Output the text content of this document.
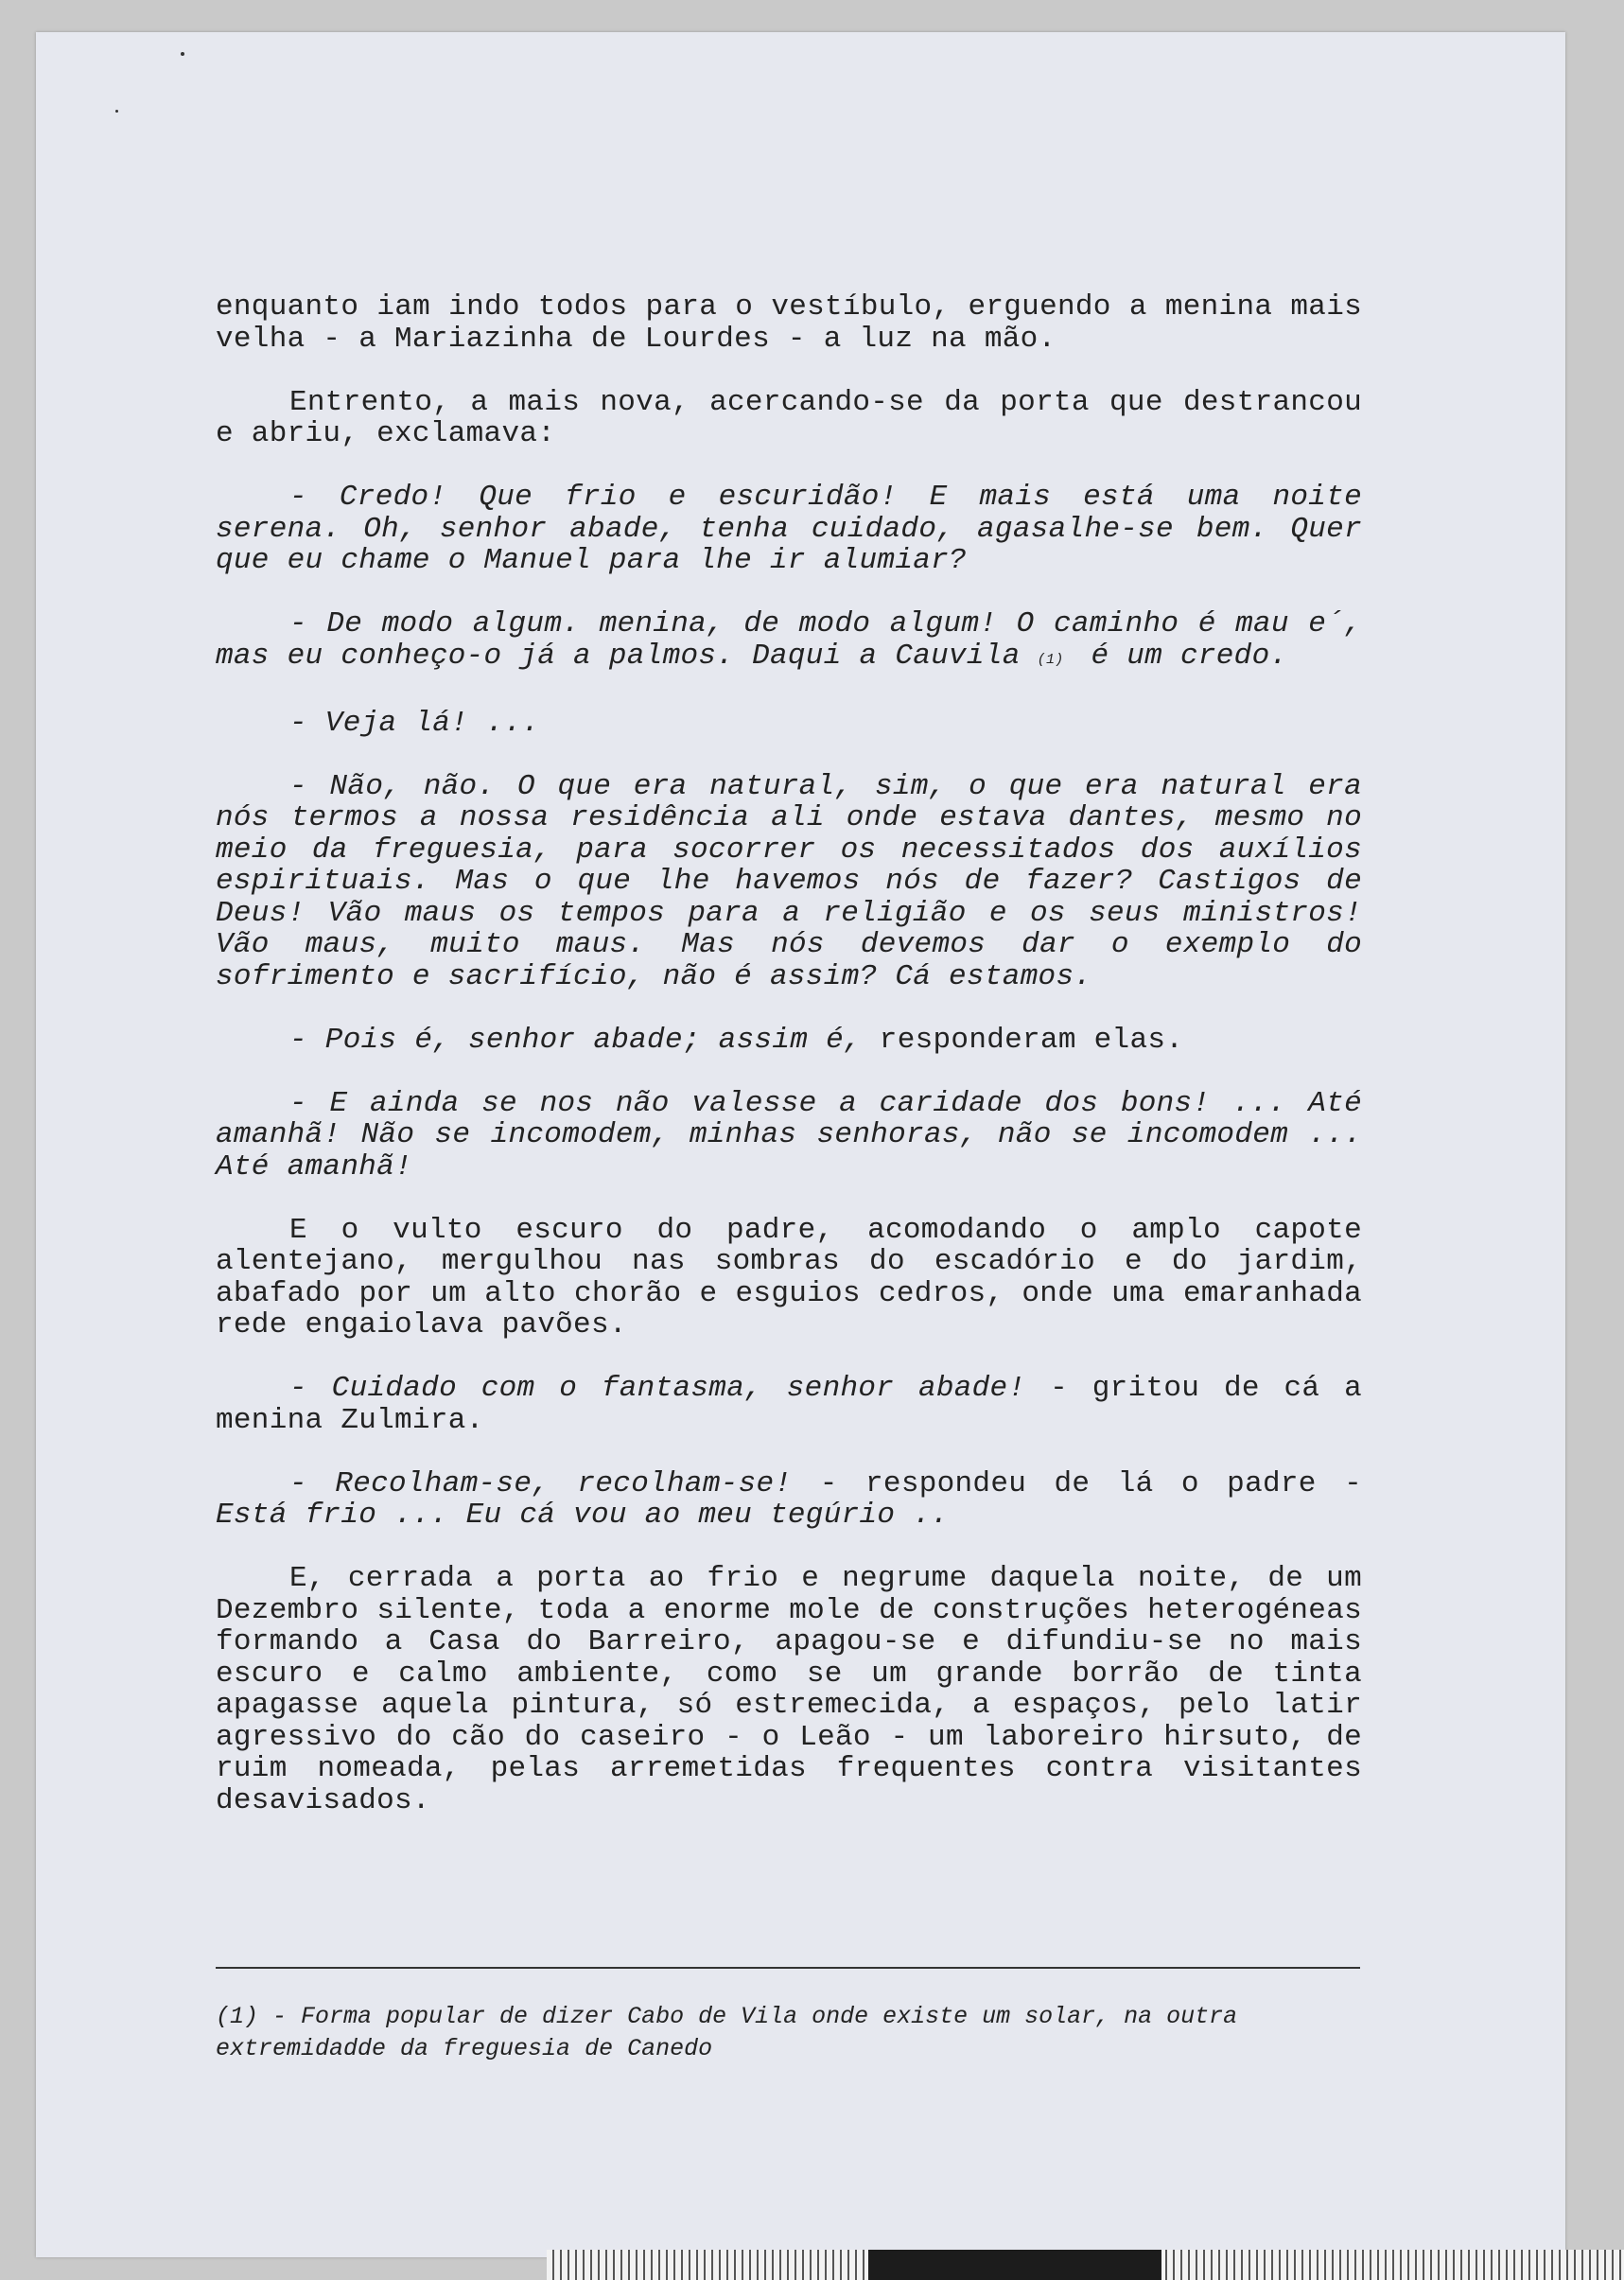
enquanto iam indo todos para o vestíbulo, erguendo a menina mais velha - a Mariazinha de Lourdes - a luz na mão.

Entrento, a mais nova, acercando-se da porta que destrancou e abriu, exclamava:

- Credo! Que frio e escuridão! E mais está uma noite serena. Oh, senhor abade, tenha cuidado, agasalhe-se bem. Quer que eu chame o Manuel para lhe ir alumiar?

- De modo algum. menina, de modo algum! O caminho é mau e´, mas eu conheço-o já a palmos. Daqui a Cauvila (1) é um credo.

- Veja lá! ...

- Não, não. O que era natural, sim, o que era natural era nós termos a nossa residência ali onde estava dantes, mesmo no meio da freguesia, para socorrer os necessitados dos auxílios espirituais. Mas o que lhe havemos nós de fazer? Castigos de Deus! Vão maus os tempos para a religião e os seus ministros! Vão maus, muito maus. Mas nós devemos dar o exemplo do sofrimento e sacrifício, não é assim? Cá estamos.

- Pois é, senhor abade; assim é, responderam elas.

- E ainda se nos não valesse a caridade dos bons! ... Até amanhã! Não se incomodem, minhas senhoras, não se incomodem ... Até amanhã!

E o vulto escuro do padre, acomodando o amplo capote alentejano, mergulhou nas sombras do escadório e do jardim, abafado por um alto chorão e esguios cedros, onde uma emaranhada rede engaiolava pavões.

- Cuidado com o fantasma, senhor abade! - gritou de cá a menina Zulmira.

- Recolham-se, recolham-se! - respondeu de lá o padre - Está frio ... Eu cá vou ao meu tegúrio ..

E, cerrada a porta ao frio e negrume daquela noite, de um Dezembro silente, toda a enorme mole de construções heterogéneas formando a Casa do Barreiro, apagou-se e difundiu-se no mais escuro e calmo ambiente, como se um grande borrão de tinta apagasse aquela pintura, só estremecida, a espaços, pelo latir agressivo do cão do caseiro - o Leão - um laboreiro hirsuto, de ruim nomeada, pelas arremetidas frequentes contra visitantes desavisados.

(1) - Forma popular de dizer Cabo de Vila onde existe um solar, na outra extremidadde da freguesia de Canedo
